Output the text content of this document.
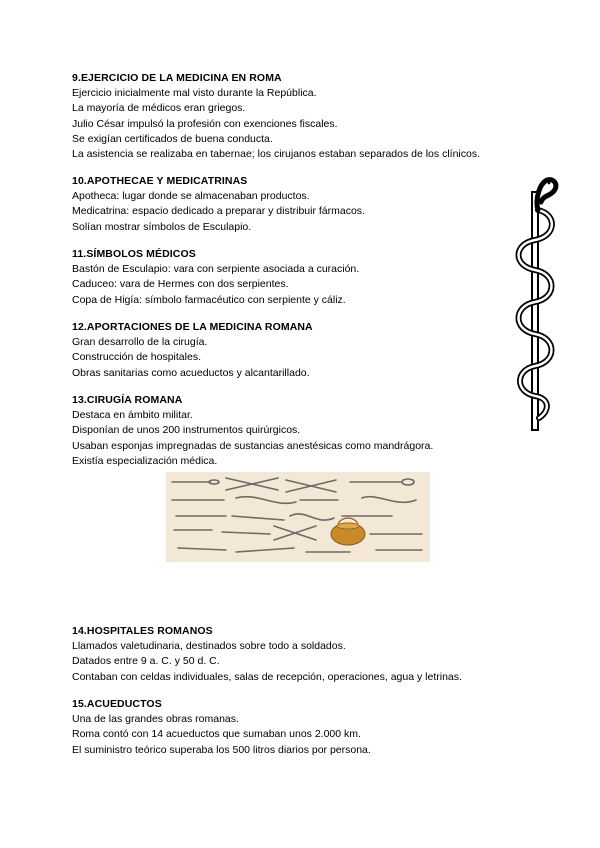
9.EJERCICIO DE LA MEDICINA EN ROMA

Ejercicio inicialmente mal visto durante la República.

La mayoría de médicos eran griegos.

Julio César impulsó la profesión con exenciones fiscales.

Se exigían certificados de buena conducta.

La asistencia se realizaba en tabernae; los cirujanos estaban separados de los clínicos.

10.APOTHECAE Y MEDICATRINAS

Apotheca: lugar donde se almacenaban productos.

Medicatrina: espacio dedicado a preparar y distribuir fármacos.

Solían mostrar símbolos de Esculapio.

11.SÍMBOLOS MÉDICOS

Bastón de Esculapio: vara con serpiente asociada a curación.

Caduceo: vara de Hermes con dos serpientes.

Copa de Higía: símbolo farmacéutico con serpiente y cáliz.

12.APORTACIONES DE LA MEDICINA ROMANA

Gran desarrollo de la cirugía.

Construcción de hospitales.

Obras sanitarias como acueductos y alcantarillado.

13.CIRUGÍA ROMANA

Destaca en ámbito militar.

Disponían de unos 200 instrumentos quirúrgicos.

Usaban esponjas impregnadas de sustancias anestésicas como mandrágora.

Existía especialización médica.

14.HOSPITALES ROMANOS

Llamados valetudinaria, destinados sobre todo a soldados.

Datados entre 9 a. C. y 50 d. C.

Contaban con celdas individuales, salas de recepción, operaciones, agua y letrinas.

15.ACUEDUCTOS

Una de las grandes obras romanas.

Roma contó con 14 acueductos que sumaban unos 2.000 km.

El suministro teórico superaba los 500 litros diarios por persona.
